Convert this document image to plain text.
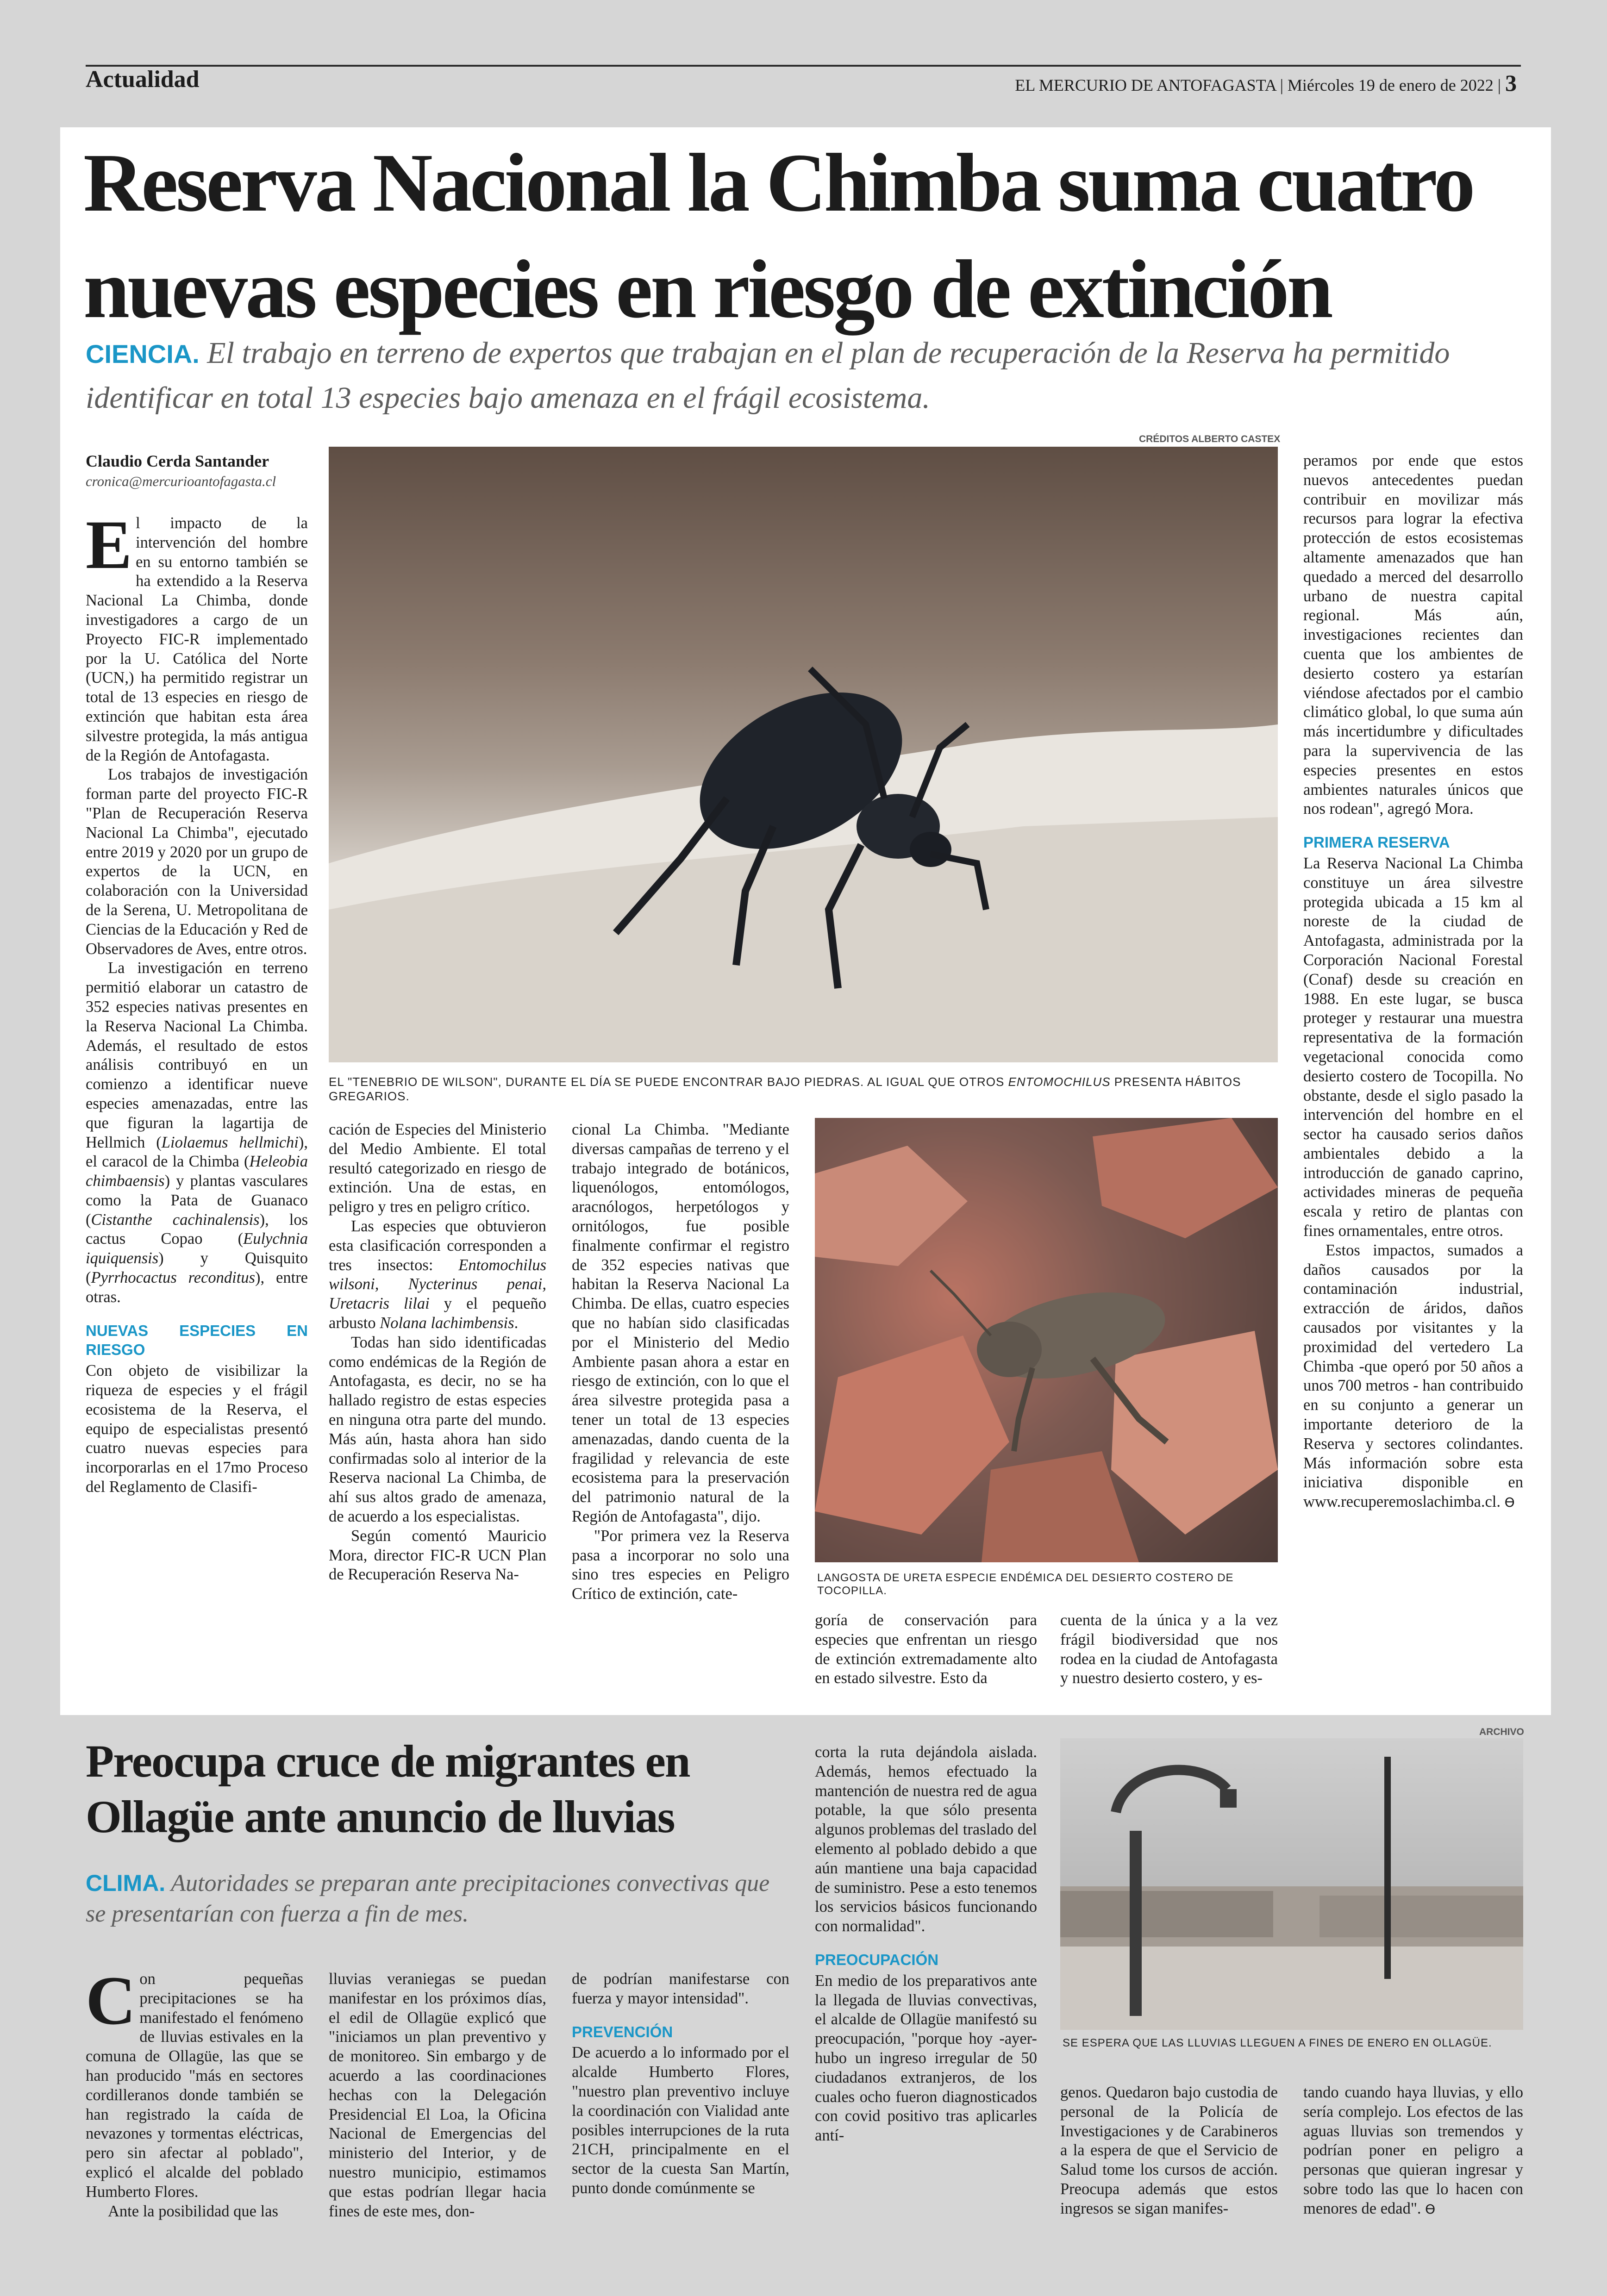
Actualidad	EL MERCURIO DE ANTOFAGASTA | Miércoles 19 de enero de 2022 | 3
Reserva Nacional la Chimba suma cuatro
nuevas especies en riesgo de extinción
CIENCIA. El trabajo en terreno de expertos que trabajan en el plan de recuperación de la Reserva ha permitido identificar en total 13 especies bajo amenaza en el frágil ecosistema.
Claudio Cerda Santander
cronica@mercurioantofagasta.cl

El impacto de la intervención del hombre en su entorno también se ha extendido a la Reserva Nacional La Chimba, donde investigadores a cargo de un Proyecto FIC-R implementado por la U. Católica del Norte (UCN,) ha permitido registrar un total de 13 especies en riesgo de extinción que habitan esta área silvestre protegida, la más antigua de la Región de Antofagasta.

Los trabajos de investigación forman parte del proyecto FIC-R "Plan de Recuperación Reserva Nacional La Chimba", ejecutado entre 2019 y 2020 por un grupo de expertos de la UCN, en colaboración con la Universidad de la Serena, U. Metropolitana de Ciencias de la Educación y Red de Observadores de Aves, entre otros.

La investigación en terreno permitió elaborar un catastro de 352 especies nativas presentes en la Reserva Nacional La Chimba. Además, el resultado de estos análisis contribuyó en un comienzo a identificar nueve especies amenazadas, entre las que figuran la lagartija de Hellmich (Liolaemus hellmichi), el caracol de la Chimba (Heleobia chimbaensis) y plantas vasculares como la Pata de Guanaco (Cistanthe cachinalensis), los cactus Copao (Eulychnia iquiquensis) y Quisquito (Pyrrhocactus reconditus), entre otras.

NUEVAS ESPECIES EN RIESGO

Con objeto de visibilizar la riqueza de especies y el frágil ecosistema de la Reserva, el equipo de especialistas presentó cuatro nuevas especies para incorporarlas en el 17mo Proceso del Reglamento de Clasifi-

CRÉDITOS ALBERTO CASTEX
EL "TENEBRIO DE WILSON", DURANTE EL DÍA SE PUEDE ENCONTRAR BAJO PIEDRAS. AL IGUAL QUE OTROS ENTOMOCHILUS PRESENTA HÁBITOS GREGARIOS.

cación de Especies del Ministerio del Medio Ambiente. El total resultó categorizado en riesgo de extinción. Una de estas, en peligro y tres en peligro crítico.

Las especies que obtuvieron esta clasificación corresponden a tres insectos: Entomochilus wilsoni, Nycterinus penai, Uretacris lilai y el pequeño arbusto Nolana lachimbensis.

Todas han sido identificadas como endémicas de la Región de Antofagasta, es decir, no se ha hallado registro de estas especies en ninguna otra parte del mundo. Más aún, hasta ahora han sido confirmadas solo al interior de la Reserva nacional La Chimba, de ahí sus altos grado de amenaza, de acuerdo a los especialistas.

Según comentó Mauricio Mora, director FIC-R UCN Plan de Recuperación Reserva Na-

cional La Chimba. "Mediante diversas campañas de terreno y el trabajo integrado de botánicos, liquenólogos, entomólogos, aracnólogos, herpetólogos y ornitólogos, fue posible finalmente confirmar el registro de 352 especies nativas que habitan la Reserva Nacional La Chimba. De ellas, cuatro especies que no habían sido clasificadas por el Ministerio del Medio Ambiente pasan ahora a estar en riesgo de extinción, con lo que el área silvestre protegida pasa a tener un total de 13 especies amenazadas, dando cuenta de la fragilidad y relevancia de este ecosistema para la preservación del patrimonio natural de la Región de Antofagasta", dijo.

"Por primera vez la Reserva pasa a incorporar no solo una sino tres especies en Peligro Crítico de extinción, cate-

LANGOSTA DE URETA ESPECIE ENDÉMICA DEL DESIERTO COSTERO DE TOCOPILLA.

goría de conservación para especies que enfrentan un riesgo de extinción extremadamente alto en estado silvestre. Esto da

cuenta de la única y a la vez frágil biodiversidad que nos rodea en la ciudad de Antofagasta y nuestro desierto costero, y es-

peramos por ende que estos nuevos antecedentes puedan contribuir en movilizar más recursos para lograr la efectiva protección de estos ecosistemas altamente amenazados que han quedado a merced del desarrollo urbano de nuestra capital regional. Más aún, investigaciones recientes dan cuenta que los ambientes de desierto costero ya estarían viéndose afectados por el cambio climático global, lo que suma aún más incertidumbre y dificultades para la supervivencia de las especies presentes en estos ambientes naturales únicos que nos rodean", agregó Mora.

PRIMERA RESERVA

La Reserva Nacional La Chimba constituye un área silvestre protegida ubicada a 15 km al noreste de la ciudad de Antofagasta, administrada por la Corporación Nacional Forestal (Conaf) desde su creación en 1988. En este lugar, se busca proteger y restaurar una muestra representativa de la formación vegetacional conocida como desierto costero de Tocopilla. No obstante, desde el siglo pasado la intervención del hombre en el sector ha causado serios daños ambientales debido a la introducción de ganado caprino, actividades mineras de pequeña escala y retiro de plantas con fines ornamentales, entre otros.

Estos impactos, sumados a daños causados por la contaminación industrial, extracción de áridos, daños causados por visitantes y la proximidad del vertedero La Chimba -que operó por 50 años a unos 700 metros - han contribuido en su conjunto a generar un importante deterioro de la Reserva y sectores colindantes. Más información sobre esta iniciativa disponible en www.recuperemoslachimba.cl. ϴ

Preocupa cruce de migrantes en
Ollagüe ante anuncio de lluvias
CLIMA. Autoridades se preparan ante precipitaciones convectivas que se presentarían con fuerza a fin de mes.
ARCHIVO
SE ESPERA QUE LAS LLUVIAS LLEGUEN A FINES DE ENERO EN OLLAGÜE.

Con pequeñas precipitaciones se ha manifestado el fenómeno de lluvias estivales en la comuna de Ollagüe, las que se han producido "más en sectores cordilleranos donde también se han registrado la caída de nevazones y tormentas eléctricas, pero sin afectar al poblado", explicó el alcalde del poblado Humberto Flores.

Ante la posibilidad que las

lluvias veraniegas se puedan manifestar en los próximos días, el edil de Ollagüe explicó que "iniciamos un plan preventivo y de monitoreo. Sin embargo y de acuerdo a las coordinaciones hechas con la Delegación Presidencial El Loa, la Oficina Nacional de Emergencias del ministerio del Interior, y de nuestro municipio, estimamos que estas podrían llegar hacia fines de este mes, don-

de podrían manifestarse con fuerza y mayor intensidad".

PREVENCIÓN

De acuerdo a lo informado por el alcalde Humberto Flores, "nuestro plan preventivo incluye la coordinación con Vialidad ante posibles interrupciones de la ruta 21CH, principalmente en el sector de la cuesta San Martín, punto donde comúnmente se

corta la ruta dejándola aislada. Además, hemos efectuado la mantención de nuestra red de agua potable, la que sólo presenta algunos problemas del traslado del elemento al poblado debido a que aún mantiene una baja capacidad de suministro. Pese a esto tenemos los servicios básicos funcionando con normalidad".

PREOCUPACIÓN

En medio de los preparativos ante la llegada de lluvias convectivas, el alcalde de Ollagüe manifestó su preocupación, "porque hoy -ayer- hubo un ingreso irregular de 50 ciudadanos extranjeros, de los cuales ocho fueron diagnosticados con covid positivo tras aplicarles antí-

genos. Quedaron bajo custodia de personal de la Policía de Investigaciones y de Carabineros a la espera de que el Servicio de Salud tome los cursos de acción. Preocupa además que estos ingresos se sigan manifes-

tando cuando haya lluvias, y ello sería complejo. Los efectos de las aguas lluvias son tremendos y podrían poner en peligro a personas que quieran ingresar y sobre todo las que lo hacen con menores de edad". ϴ
